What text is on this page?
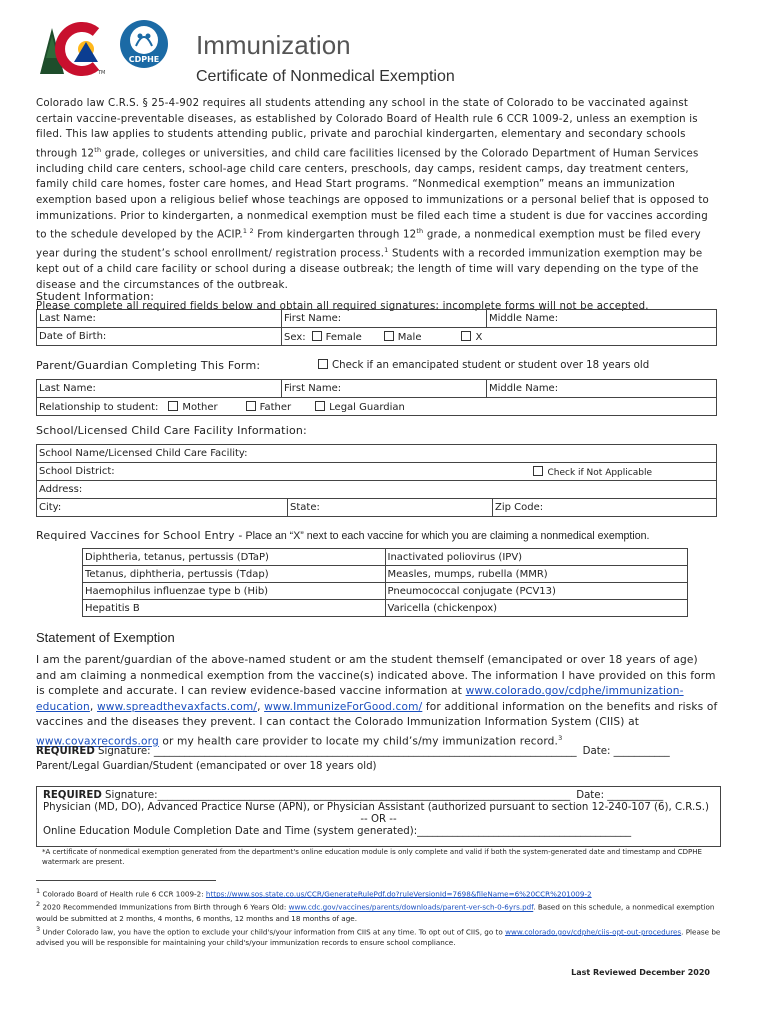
TM
CDPHE Immunization
Certificate of Nonmedical Exemption

Colorado law C.R.S. § 25-4-902 requires all students attending any school in the state of Colorado to be vaccinated against certain vaccine-preventable diseases, as established by Colorado Board of Health rule 6 CCR 1009-2, unless an exemption is filed. This law applies to students attending public, private and parochial kindergarten, elementary and secondary schools through 12th grade, colleges or universities, and child care facilities licensed by the Colorado Department of Human Services including child care centers, school-age child care centers, preschools, day camps, resident camps, day treatment centers, family child care homes, foster care homes, and Head Start programs. “Nonmedical exemption” means an immunization exemption based upon a religious belief whose teachings are opposed to immunizations or a personal belief that is opposed to immunizations. Prior to kindergarten, a nonmedical exemption must be filed each time a student is due for vaccines according to the schedule developed by the ACIP.$^{1 2}$ From kindergarten through 12th grade, a nonmedical exemption must be filed every year during the student’s school enrollment/ registration process.$^1$ Students with a recorded immunization exemption may be kept out of a child care facility or school during a disease outbreak; the length of time will vary depending on the type of the disease and the circumstances of the outbreak.

Please complete all required fields below and obtain all required signatures; incomplete forms will not be accepted.

Student Information:
Last Name:	First Name:	Middle Name:
Date of Birth:	Sex: Female Male X	
Parent/Guardian Completing This Form:	Check if an emancipated student or student over 18 years old
Last Name:	First Name:	Middle Name:
Relationship to student: Mother	Father	Legal Guardian
School/Licensed Child Care Facility Information:
School Name/Licensed Child Care Facility:
School District:	Check if Not Applicable

Address:
City:	State:	Zip Code:
Required Vaccines for School Entry - Place an “X” next to each vaccine for which you are claiming a nonmedical exemption.
Diphtheria, tetanus, pertussis (DTaP)	Inactivated poliovirus (IPV)
Tetanus, diphtheria, pertussis (Tdap)	Measles, mumps, rubella (MMR)
Haemophilus influenzae type b (Hib)	Pneumococcal conjugate (PCV13)
Hepatitis B	Varicella (chickenpox)
Statement of Exemption
I am the parent/guardian of the above-named student or am the student themself (emancipated or over 18 years of age) and am claiming a nonmedical exemption from the vaccine(s) indicated above. The information I have provided on this form is complete and accurate. I can review evidence-based vaccine information at www.colorado.gov/cdphe/immunization-education, www.spreadthevaxfacts.com/, www.ImmunizeForGood.com/ for additional information on the benefits and risks of vaccines and the diseases they prevent. I can contact the Colorado Immunization Information System (CIIS) at www.covaxrecords.org or my health care provider to locate my child’s/my immunization record.$^3$
REQUIRED Signature: ___________________________________________________________________________________ Date: ___________
Parent/Legal Guardian/Student (emancipated or over 18 years old)
REQUIRED Signature:_________________________________________________________________________________ Date: ___________
Physician (MD, DO), Advanced Practice Nurse (APN), or Physician Assistant (authorized pursuant to section 12-240-107 (6), C.R.S.)
-- OR --
Online Education Module Completion Date and Time (system generated):__________________________________________
*A certificate of nonmedical exemption generated from the department's online education module is only complete and valid if both the system-generated date and timestamp and CDPHE watermark are present.
$^1$ Colorado Board of Health rule 6 CCR 1009-2: https://www.sos.state.co.us/CCR/GenerateRulePdf.do?ruleVersionId=7698&fileName=6%20CCR%201009-2
$^2$ 2020 Recommended Immunizations from Birth through 6 Years Old: www.cdc.gov/vaccines/parents/downloads/parent-ver-sch-0-6yrs.pdf. Based on this schedule, a nonmedical exemption would be submitted at 2 months, 4 months, 6 months, 12 months and 18 months of age.
$^3$ Under Colorado law, you have the option to exclude your child's/your information from CIIS at any time. To opt out of CIIS, go to www.colorado.gov/cdphe/ciis-opt-out-procedures. Please be advised you will be responsible for maintaining your child's/your immunization records to ensure school compliance.
Last Reviewed December 2020
